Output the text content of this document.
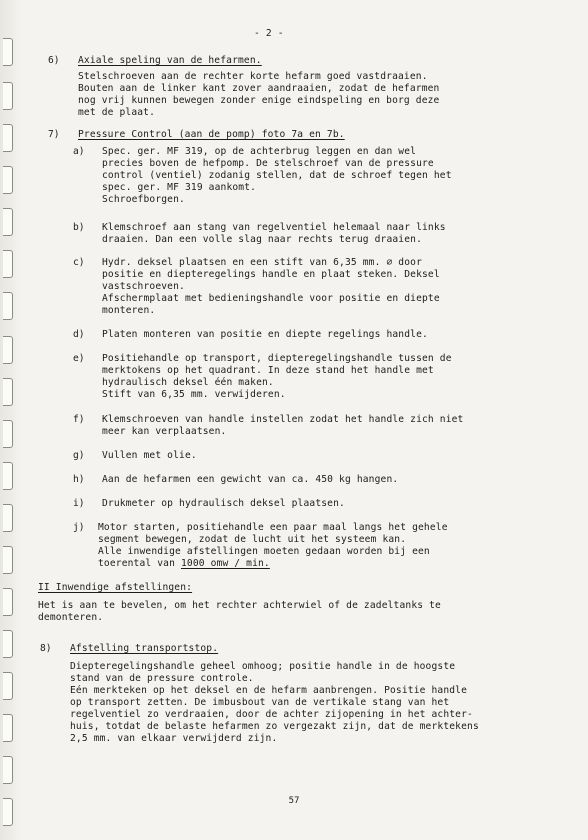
- 2 -
6) Axiale speling van de hefarmen.
Stelschroeven aan de rechter korte hefarm goed vastdraaien.
Bouten aan de linker kant zover aandraaien, zodat de hefarmen
nog vrij kunnen bewegen zonder enige eindspeling en borg deze
met de plaat.
7) Pressure Control (aan de pomp) foto 7a en 7b.
a) Spec. ger. MF 319, op de achterbrug leggen en dan wel
precies boven de hefpomp. De stelschroef van de pressure
control (ventiel) zodanig stellen, dat de schroef tegen het
spec. ger. MF 319 aankomt.
Schroefborgen.
b) Klemschroef aan stang van regelventiel helemaal naar links
draaien. Dan een volle slag naar rechts terug draaien.
c) Hydr. deksel plaatsen en een stift van 6,35 mm. ∅ door
positie en diepteregelings handle en plaat steken. Deksel
vastschroeven.
Afschermplaat met bedieningshandle voor positie en diepte
monteren.
d) Platen monteren van positie en diepte regelings handle.
e) Positiehandle op transport, diepteregelingshandle tussen de
merktokens op het quadrant. In deze stand het handle met
hydraulisch deksel één maken.
Stift van 6,35 mm. verwijderen.
f) Klemschroeven van handle instellen zodat het handle zich niet
meer kan verplaatsen.
g) Vullen met olie.
h) Aan de hefarmen een gewicht van ca. 450 kg hangen.
i) Drukmeter op hydraulisch deksel plaatsen.
j) Motor starten, positiehandle een paar maal langs het gehele
segment bewegen, zodat de lucht uit het systeem kan.
Alle inwendige afstellingen moeten gedaan worden bij een
toerental van 1000 omw / min.
II Inwendige afstellingen:
Het is aan te bevelen, om het rechter achterwiel of de zadeltanks te
demonteren.
8) Afstelling transportstop.
Diepteregelingshandle geheel omhoog; positie handle in de hoogste
stand van de pressure controle.
Eén merkteken op het deksel en de hefarm aanbrengen. Positie handle
op transport zetten. De imbusbout van de vertikale stang van het
regelventiel zo verdraaien, door de achter zijopening in het achter-
huis, totdat de belaste hefarmen zo vergezakt zijn, dat de merktekens
2,5 mm. van elkaar verwijderd zijn.
57
